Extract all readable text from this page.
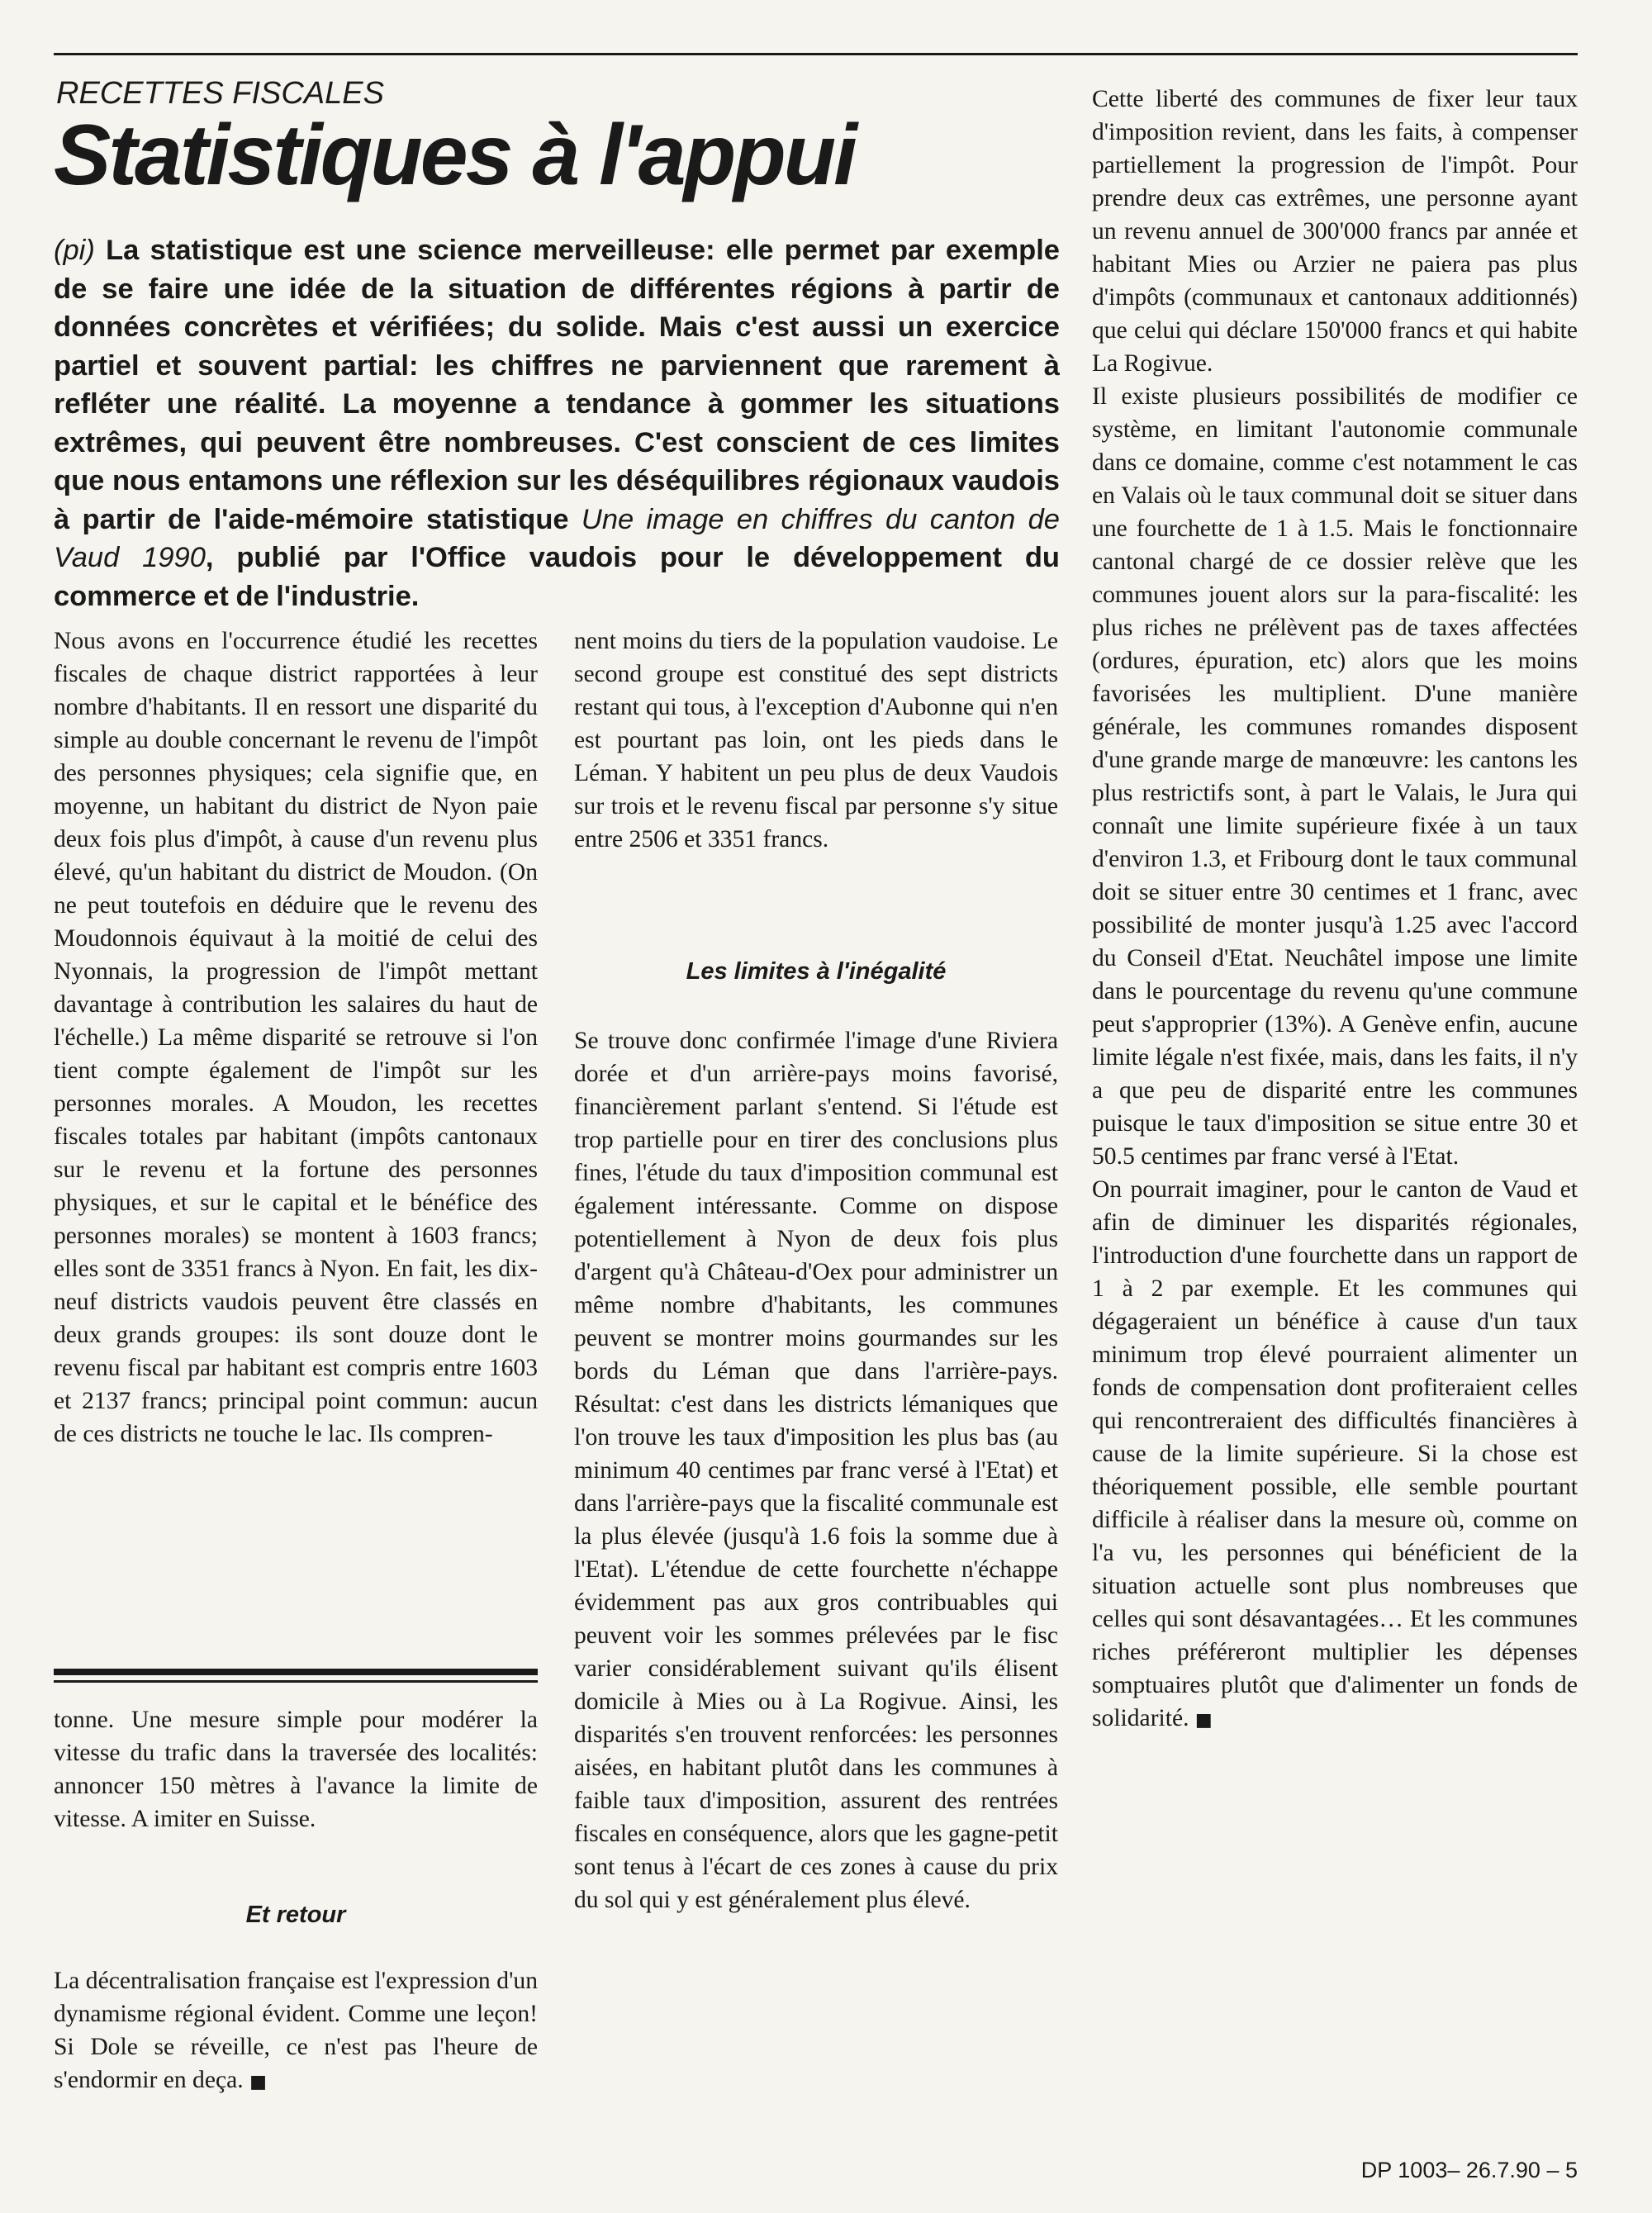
RECETTES FISCALES
Statistiques à l'appui

(pi) La statistique est une science merveilleuse: elle permet par exemple de se faire une idée de la situation de différentes régions à partir de données concrètes et vérifiées; du solide. Mais c'est aussi un exercice partiel et souvent partial: les chiffres ne parviennent que rarement à refléter une réalité. La moyenne a tendance à gommer les situations extrêmes, qui peuvent être nombreuses. C'est conscient de ces limites que nous entamons une réflexion sur les déséquilibres régionaux vaudois à partir de l'aide-mémoire statistique Une image en chiffres du canton de Vaud 1990, publié par l'Office vaudois pour le développement du commerce et de l'industrie.

Nous avons en l'occurrence étudié les recettes fiscales de chaque district rapportées à leur nombre d'habitants. Il en ressort une disparité du simple au double concernant le revenu de l'impôt des personnes physiques; cela signifie que, en moyenne, un habitant du district de Nyon paie deux fois plus d'impôt, à cause d'un revenu plus élevé, qu'un habitant du district de Moudon. (On ne peut toutefois en déduire que le revenu des Moudonnois équivaut à la moitié de celui des Nyonnais, la progression de l'impôt mettant davantage à contribution les salaires du haut de l'échelle.) La même disparité se retrouve si l'on tient compte également de l'impôt sur les personnes morales. A Moudon, les recettes fiscales totales par habitant (impôts cantonaux sur le revenu et la fortune des personnes physiques, et sur le capital et le bénéfice des personnes morales) se montent à 1603 francs; elles sont de 3351 francs à Nyon. En fait, les dix-neuf districts vaudois peuvent être classés en deux grands groupes: ils sont douze dont le revenu fiscal par habitant est compris entre 1603 et 2137 francs; principal point commun: aucun de ces districts ne touche le lac. Ils compren-

tonne. Une mesure simple pour modérer la vitesse du trafic dans la traversée des localités: annoncer 150 mètres à l'avance la limite de vitesse. A imiter en Suisse.

Et retour

La décentralisation française est l'expression d'un dynamisme régional évident. Comme une leçon! Si Dole se réveille, ce n'est pas l'heure de s'endormir en deça. ■

nent moins du tiers de la population vaudoise. Le second groupe est constitué des sept districts restant qui tous, à l'exception d'Aubonne qui n'en est pourtant pas loin, ont les pieds dans le Léman. Y habitent un peu plus de deux Vaudois sur trois et le revenu fiscal par personne s'y situe entre 2506 et 3351 francs.

Les limites à l'inégalité

Se trouve donc confirmée l'image d'une Riviera dorée et d'un arrière-pays moins favorisé, financièrement parlant s'entend. Si l'étude est trop partielle pour en tirer des conclusions plus fines, l'étude du taux d'imposition communal est également intéressante. Comme on dispose potentiellement à Nyon de deux fois plus d'argent qu'à Château-d'Oex pour administrer un même nombre d'habitants, les communes peuvent se montrer moins gourmandes sur les bords du Léman que dans l'arrière-pays. Résultat: c'est dans les districts lémaniques que l'on trouve les taux d'imposition les plus bas (au minimum 40 centimes par franc versé à l'Etat) et dans l'arrière-pays que la fiscalité communale est la plus élevée (jusqu'à 1.6 fois la somme due à l'Etat). L'étendue de cette fourchette n'échappe évidemment pas aux gros contribuables qui peuvent voir les sommes prélevées par le fisc varier considérablement suivant qu'ils élisent domicile à Mies ou à La Rogivue. Ainsi, les disparités s'en trouvent renforcées: les personnes aisées, en habitant plutôt dans les communes à faible taux d'imposition, assurent des rentrées fiscales en conséquence, alors que les gagne-petit sont tenus à l'écart de ces zones à cause du prix du sol qui y est généralement plus élevé.

Cette liberté des communes de fixer leur taux d'imposition revient, dans les faits, à compenser partiellement la progression de l'impôt. Pour prendre deux cas extrêmes, une personne ayant un revenu annuel de 300'000 francs par année et habitant Mies ou Arzier ne paiera pas plus d'impôts (communaux et cantonaux additionnés) que celui qui déclare 150'000 francs et qui habite La Rogivue.

Il existe plusieurs possibilités de modifier ce système, en limitant l'autonomie communale dans ce domaine, comme c'est notamment le cas en Valais où le taux communal doit se situer dans une fourchette de 1 à 1.5. Mais le fonctionnaire cantonal chargé de ce dossier relève que les communes jouent alors sur la para-fiscalité: les plus riches ne prélèvent pas de taxes affectées (ordures, épuration, etc) alors que les moins favorisées les multiplient. D'une manière générale, les communes romandes disposent d'une grande marge de manœuvre: les cantons les plus restrictifs sont, à part le Valais, le Jura qui connaît une limite supérieure fixée à un taux d'environ 1.3, et Fribourg dont le taux communal doit se situer entre 30 centimes et 1 franc, avec possibilité de monter jusqu'à 1.25 avec l'accord du Conseil d'Etat. Neuchâtel impose une limite dans le pourcentage du revenu qu'une commune peut s'approprier (13%). A Genève enfin, aucune limite légale n'est fixée, mais, dans les faits, il n'y a que peu de disparité entre les communes puisque le taux d'imposition se situe entre 30 et 50.5 centimes par franc versé à l'Etat.

On pourrait imaginer, pour le canton de Vaud et afin de diminuer les disparités régionales, l'introduction d'une fourchette dans un rapport de 1 à 2 par exemple. Et les communes qui dégageraient un bénéfice à cause d'un taux minimum trop élevé pourraient alimenter un fonds de compensation dont profiteraient celles qui rencontreraient des difficultés financières à cause de la limite supérieure. Si la chose est théoriquement possible, elle semble pourtant difficile à réaliser dans la mesure où, comme on l'a vu, les personnes qui bénéficient de la situation actuelle sont plus nombreuses que celles qui sont désavantagées… Et les communes riches préféreront multiplier les dépenses somptuaires plutôt que d'alimenter un fonds de solidarité. ■

DP 1003– 26.7.90 – 5
